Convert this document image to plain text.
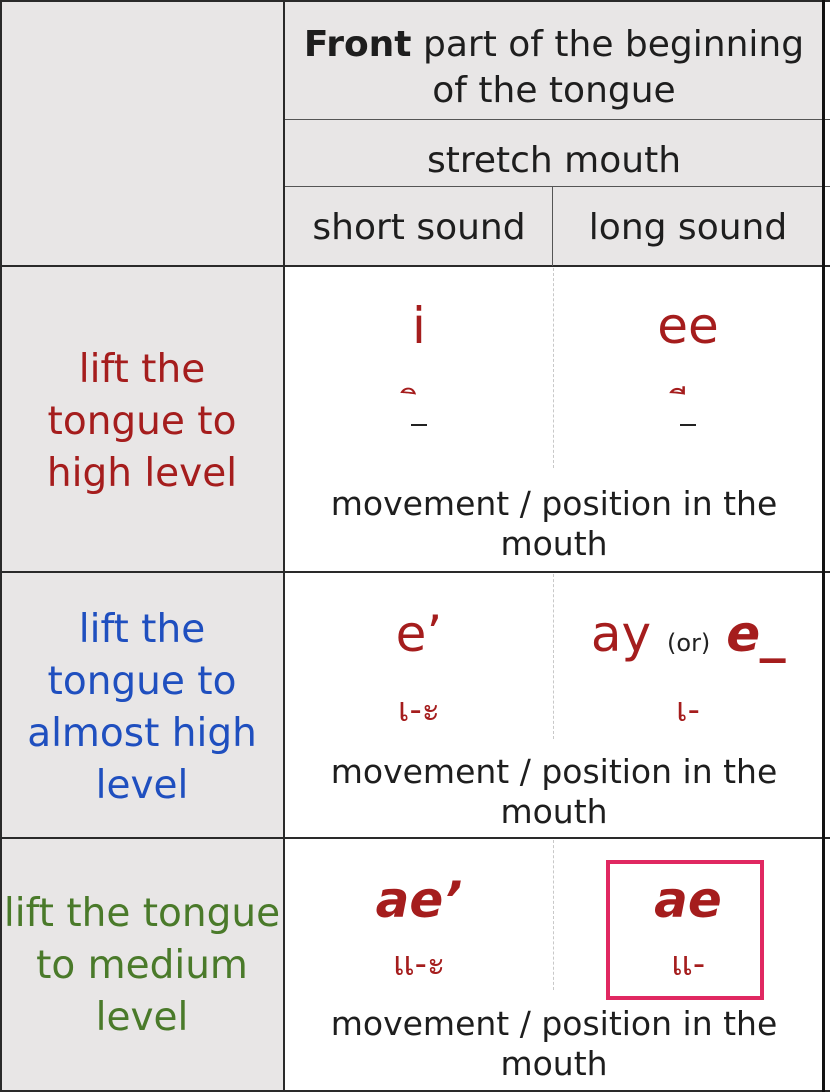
Front part of the beginning of the tongue
stretch mouth
short sound	long sound
lift the tongue to high level
i	ee
movement / position in the mouth
lift the tongue to almost high level
e’
เ-ะ
ay (or) e_
เ-
movement / position in the mouth
lift the tongue to medium level
ae’
แ-ะ
ae
แ-
movement / position in the mouth
